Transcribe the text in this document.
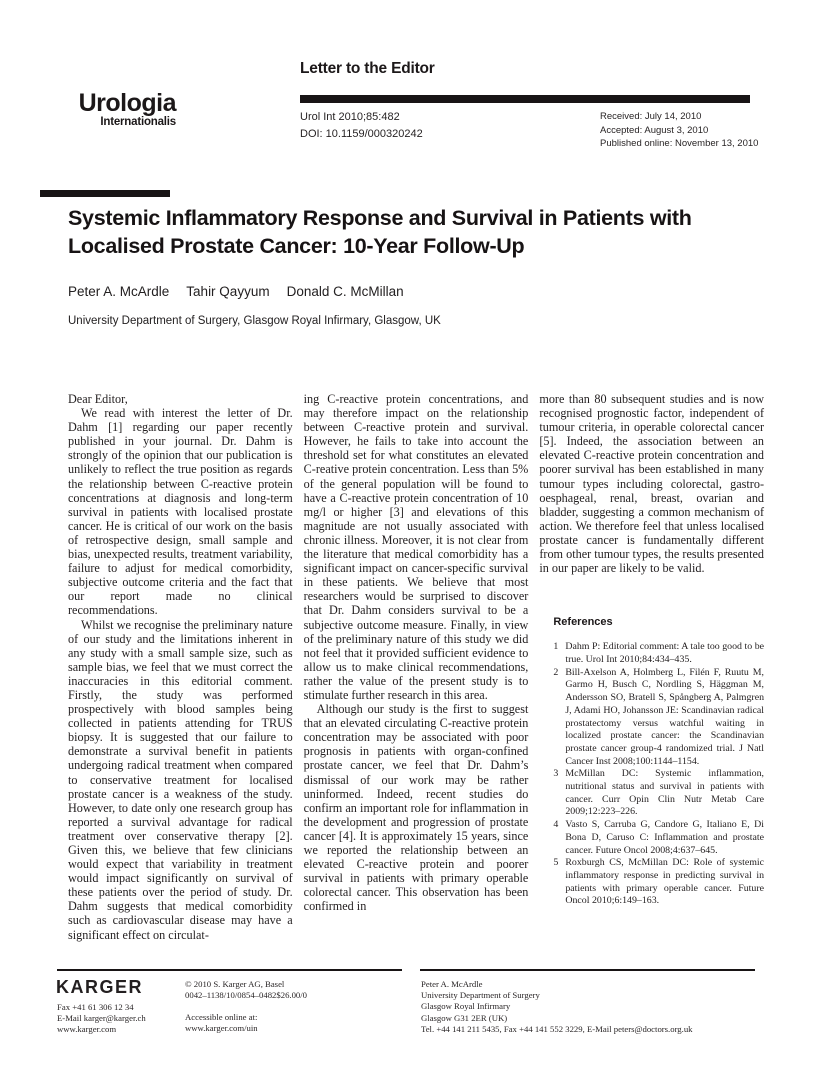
Letter to the Editor
Urologia
Internationalis	Urol Int 2010;85:482
DOI: 10.1159/000320242
Received: July 14, 2010
Accepted: August 3, 2010
Published online: November 13, 2010
Systemic Inflammatory Response and Survival in Patients with Localised Prostate Cancer: 10-Year Follow-Up
Peter A. McArdle Tahir Qayyum Donald C. McMillan
University Department of Surgery, Glasgow Royal Infirmary, Glasgow, UK

Dear Editor,

We read with interest the letter of Dr. Dahm [1] regarding our paper recently published in your journal. Dr. Dahm is strongly of the opinion that our publication is unlikely to reflect the true position as regards the relationship between C-reactive protein concentrations at diagnosis and long-term survival in patients with localised prostate cancer. He is critical of our work on the basis of retrospective design, small sample and bias, unexpected results, treatment variability, failure to adjust for medical comorbidity, subjective outcome criteria and the fact that our report made no clinical recommendations.

Whilst we recognise the preliminary nature of our study and the limitations inherent in any study with a small sample size, such as sample bias, we feel that we must correct the inaccuracies in this editorial comment. Firstly, the study was performed prospectively with blood samples being collected in patients attending for TRUS biopsy. It is suggested that our failure to demonstrate a survival benefit in patients undergoing radical treatment when compared to conservative treatment for localised prostate cancer is a weakness of the study. However, to date only one research group has reported a survival advantage for radical treatment over conservative therapy [2]. Given this, we believe that few clinicians would expect that variability in treatment would impact significantly on survival of these patients over the period of study. Dr. Dahm suggests that medical comorbidity such as cardiovascular disease may have a significant effect on circulat-

ing C-reactive protein concentrations, and may therefore impact on the relationship between C-reactive protein and survival. However, he fails to take into account the threshold set for what constitutes an elevated C-reative protein concentration. Less than 5% of the general population will be found to have a C-reactive protein concentration of 10 mg/l or higher [3] and elevations of this magnitude are not usually associated with chronic illness. Moreover, it is not clear from the literature that medical comorbidity has a significant impact on cancer-specific survival in these patients. We believe that most researchers would be surprised to discover that Dr. Dahm considers survival to be a subjective outcome measure. Finally, in view of the preliminary nature of this study we did not feel that it provided sufficient evidence to allow us to make clinical recommendations, rather the value of the present study is to stimulate further research in this area.

Although our study is the first to suggest that an elevated circulating C-reactive protein concentration may be associated with poor prognosis in patients with organ-confined prostate cancer, we feel that Dr. Dahm’s dismissal of our work may be rather uninformed. Indeed, recent studies do confirm an important role for inflammation in the development and progression of prostate cancer [4]. It is approximately 15 years, since we reported the relationship between an elevated C-reactive protein and poorer survival in patients with primary operable colorectal cancer. This observation has been confirmed in

more than 80 subsequent studies and is now recognised prognostic factor, independent of tumour criteria, in operable colorectal cancer [5]. Indeed, the association between an elevated C-reactive protein concentration and poorer survival has been established in many tumour types including colorectal, gastro-oesphageal, renal, breast, ovarian and bladder, suggesting a common mechanism of action. We therefore feel that unless localised prostate cancer is fundamentally different from other tumour types, the results presented in our paper are likely to be valid.

References
1 Dahm P: Editorial comment: A tale too good to be true. Urol Int 2010;84:434–435.
2 Bill-Axelson A, Holmberg L, Filén F, Ruutu M, Garmo H, Busch C, Nordling S, Häggman M, Andersson SO, Bratell S, Spångberg A, Palmgren J, Adami HO, Johansson JE: Scandinavian radical prostatectomy versus watchful waiting in localized prostate cancer: the Scandinavian prostate cancer group-4 randomized trial. J Natl Cancer Inst 2008;100:1144–1154.
3 McMillan DC: Systemic inflammation, nutritional status and survival in patients with cancer. Curr Opin Clin Nutr Metab Care 2009;12:223–226.
4 Vasto S, Carruba G, Candore G, Italiano E, Di Bona D, Caruso C: Inflammation and prostate cancer. Future Oncol 2008;4:637–645.
5 Roxburgh CS, McMillan DC: Role of systemic inflammatory response in predicting survival in patients with primary operable cancer. Future Oncol 2010;6:149–163.
KARGER
Fax +41 61 306 12 34
E-Mail karger@karger.ch
www.karger.com
© 2010 S. Karger AG, Basel
0042–1138/10/0854–0482$26.00/0
Accessible online at:
www.karger.com/uin
Peter A. McArdle
University Department of Surgery
Glasgow Royal Infirmary
Glasgow G31 2ER (UK)
Tel. +44 141 211 5435, Fax +44 141 552 3229, E-Mail peters@doctors.org.uk
